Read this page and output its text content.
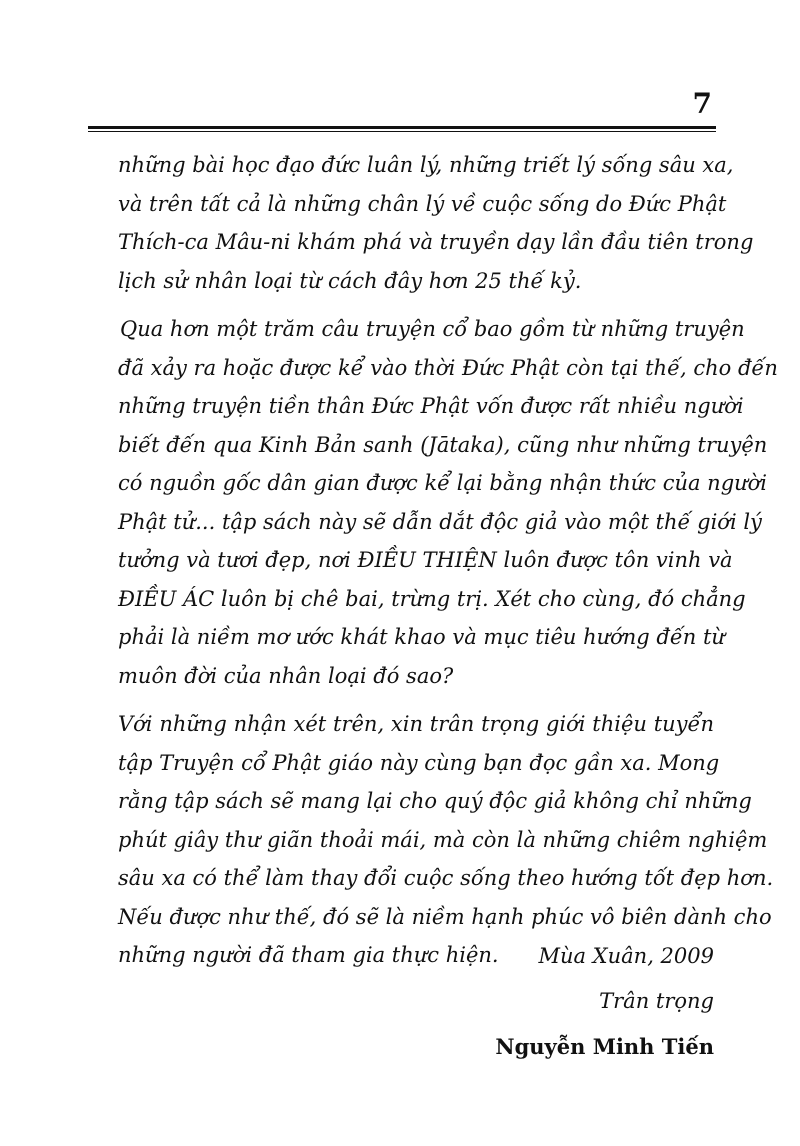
7
những bài học đạo đức luân lý, những triết lý sống sâu xa,
và trên tất cả là những chân lý về cuộc sống do Đức Phật
Thích-ca Mâu-ni khám phá và truyền dạy lần đầu tiên trong
lịch sử nhân loại từ cách đây hơn 25 thế kỷ.
Qua hơn một trăm câu truyện cổ bao gồm từ những truyện
đã xảy ra hoặc được kể vào thời Đức Phật còn tại thế, cho đến
những truyện tiền thân Đức Phật vốn được rất nhiều người
biết đến qua Kinh Bản sanh (Jātaka), cũng như những truyện
có nguồn gốc dân gian được kể lại bằng nhận thức của người
Phật tử... tập sách này sẽ dẫn dắt độc giả vào một thế giới lý
tưởng và tươi đẹp, nơi ĐIỀU THIỆN luôn được tôn vinh và
ĐIỀU ÁC luôn bị chê bai, trừng trị. Xét cho cùng, đó chẳng
phải là niềm mơ ước khát khao và mục tiêu hướng đến từ
muôn đời của nhân loại đó sao?
Với những nhận xét trên, xin trân trọng giới thiệu tuyển
tập Truyện cổ Phật giáo này cùng bạn đọc gần xa. Mong
rằng tập sách sẽ mang lại cho quý độc giả không chỉ những
phút giây thư giãn thoải mái, mà còn là những chiêm nghiệm
sâu xa có thể làm thay đổi cuộc sống theo hướng tốt đẹp hơn.
Nếu được như thế, đó sẽ là niềm hạnh phúc vô biên dành cho
những người đã tham gia thực hiện.	Mùa Xuân, 2009
Trân trọng
Nguyễn Minh Tiến
